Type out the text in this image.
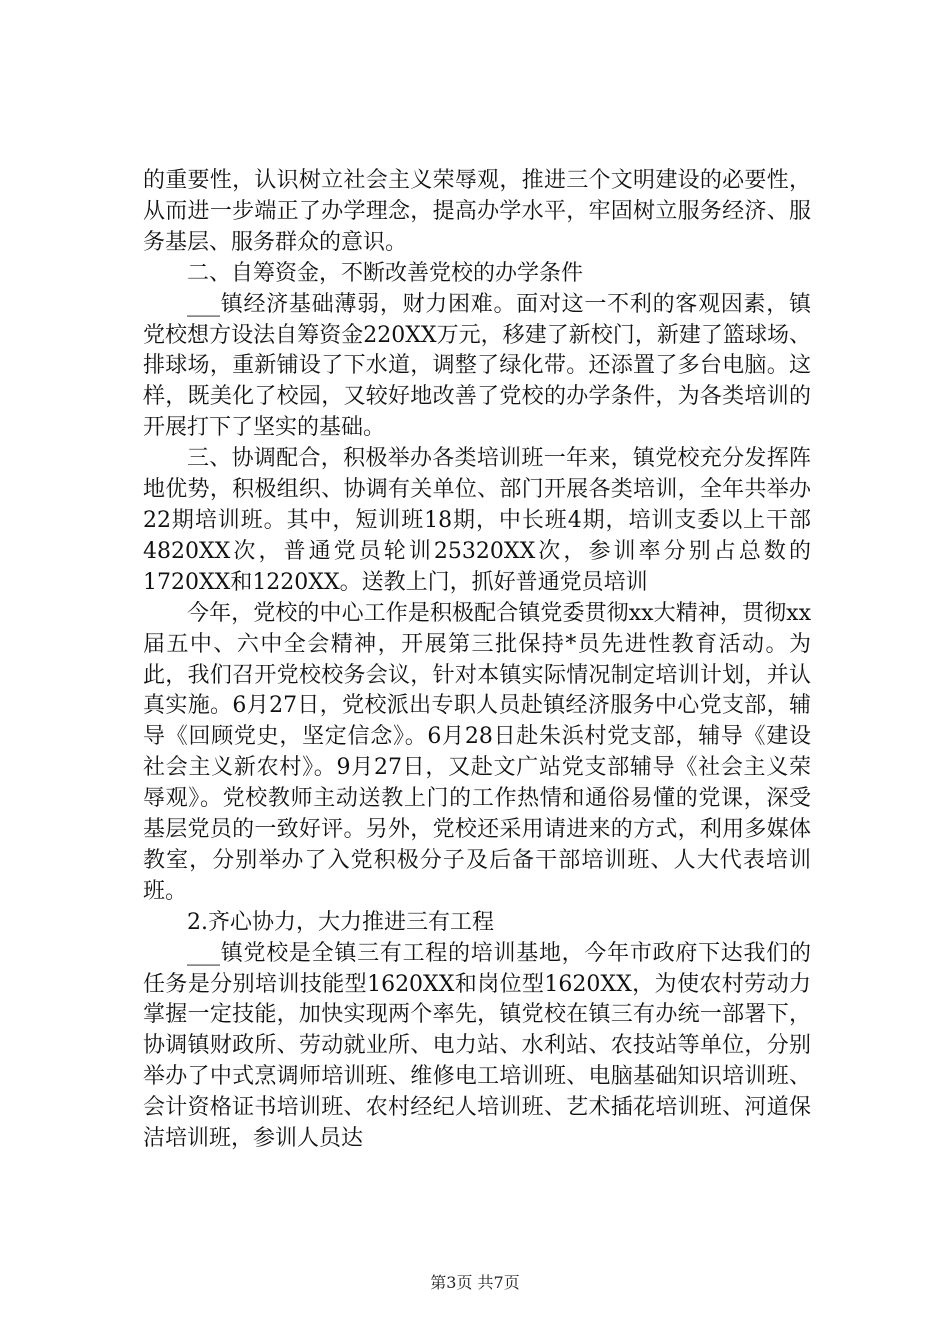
的重要性，认识树立社会主义荣辱观，推进三个文明建设的必要性，从而进一步端正了办学理念，提高办学水平，牢固树立服务经济、服务基层、服务群众的意识。

二、自筹资金，不断改善党校的办学条件

___镇经济基础薄弱，财力困难。面对这一不利的客观因素，镇党校想方设法自筹资金220XX万元，移建了新校门，新建了篮球场、排球场，重新铺设了下水道，调整了绿化带。还添置了多台电脑。这样，既美化了校园，又较好地改善了党校的办学条件，为各类培训的开展打下了坚实的基础。

三、协调配合，积极举办各类培训班一年来，镇党校充分发挥阵地优势，积极组织、协调有关单位、部门开展各类培训，全年共举办22期培训班。其中，短训班18期，中长班4期，培训支委以上干部4820XX次，普通党员轮训25320XX次，参训率分别占总数的1720XX和1220XX。送教上门，抓好普通党员培训

今年，党校的中心工作是积极配合镇党委贯彻xx大精神，贯彻xx届五中、六中全会精神，开展第三批保持*员先进性教育活动。为此，我们召开党校校务会议，针对本镇实际情况制定培训计划，并认真实施。6月27日，党校派出专职人员赴镇经济服务中心党支部，辅导《回顾党史，坚定信念》。6月28日赴朱浜村党支部，辅导《建设社会主义新农村》。9月27日，又赴文广站党支部辅导《社会主义荣辱观》。党校教师主动送教上门的工作热情和通俗易懂的党课，深受基层党员的一致好评。另外，党校还采用请进来的方式，利用多媒体教室，分别举办了入党积极分子及后备干部培训班、人大代表培训班。

2.齐心协力，大力推进三有工程

___镇党校是全镇三有工程的培训基地，今年市政府下达我们的任务是分别培训技能型1620XX和岗位型1620XX，为使农村劳动力掌握一定技能，加快实现两个率先，镇党校在镇三有办统一部署下，协调镇财政所、劳动就业所、电力站、水利站、农技站等单位，分别举办了中式烹调师培训班、维修电工培训班、电脑基础知识培训班、会计资格证书培训班、农村经纪人培训班、艺术插花培训班、河道保洁培训班，参训人员达

第3页 共7页
